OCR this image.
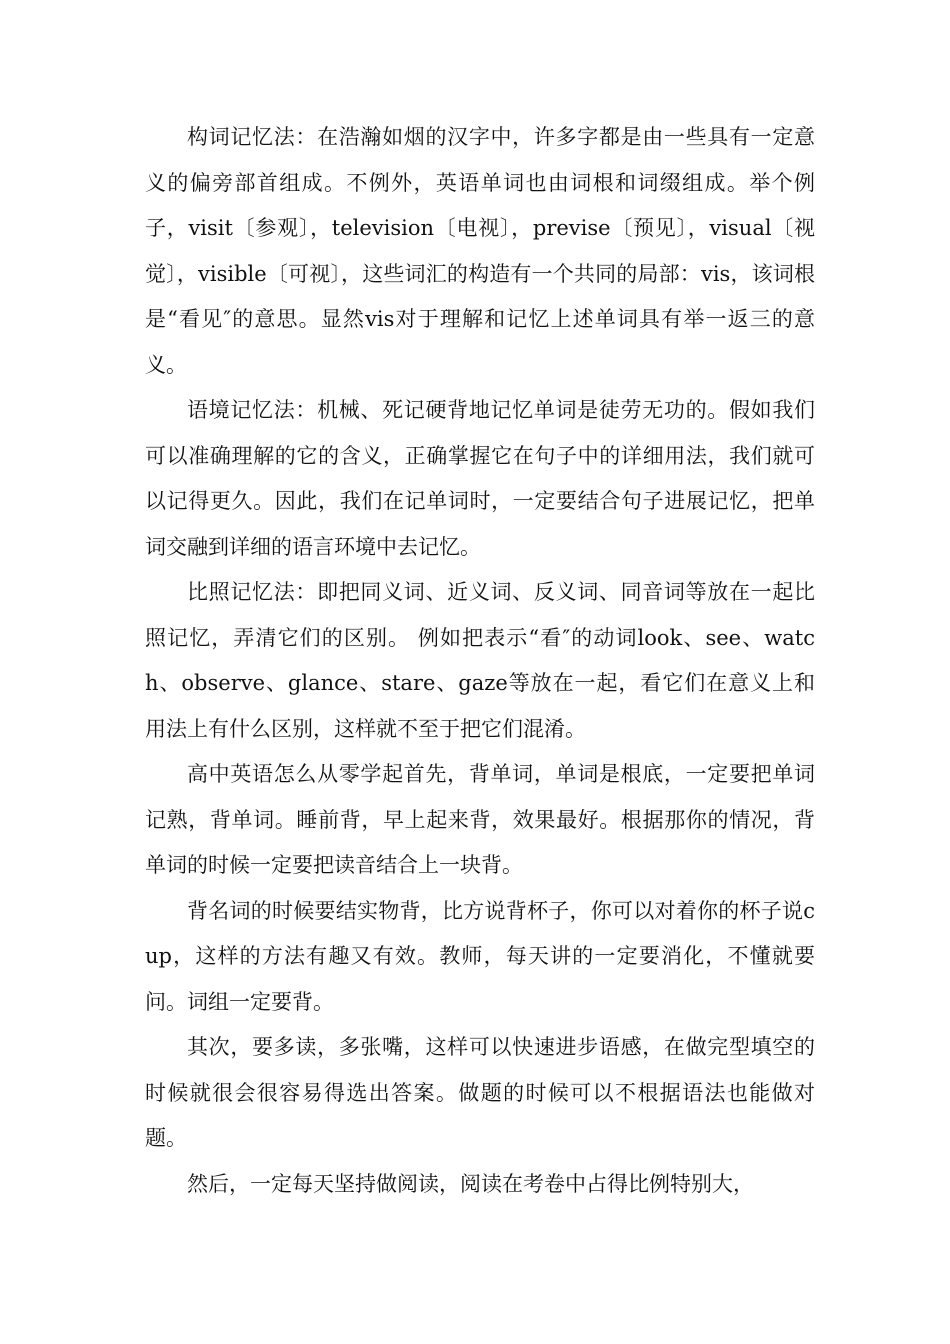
构词记忆法：在浩瀚如烟的汉字中，许多字都是由一些具有一定意义的偏旁部首组成。不例外，英语单词也由词根和词缀组成。举个例子，visit〔参观〕，television〔电视〕，previse〔预见〕，visual〔视觉〕，visible〔可视〕，这些词汇的构造有一个共同的局部：vis，该词根是“看见″的意思。显然vis对于理解和记忆上述单词具有举一返三的意义。

语境记忆法：机械、死记硬背地记忆单词是徒劳无功的。假如我们可以准确理解的它的含义，正确掌握它在句子中的详细用法，我们就可以记得更久。因此，我们在记单词时，一定要结合句子进展记忆，把单词交融到详细的语言环境中去记忆。

比照记忆法：即把同义词、近义词、反义词、同音词等放在一起比照记忆，弄清它们的区别。 例如把表示“看″的动词look、see、watch、observe、glance、stare、gaze等放在一起，看它们在意义上和用法上有什么区别，这样就不至于把它们混淆。

高中英语怎么从零学起首先，背单词，单词是根底，一定要把单词记熟，背单词。睡前背，早上起来背，效果最好。根据那你的情况，背单词的时候一定要把读音结合上一块背。

背名词的时候要结实物背，比方说背杯子，你可以对着你的杯子说cup，这样的方法有趣又有效。教师，每天讲的一定要消化，不懂就要问。词组一定要背。

其次，要多读，多张嘴，这样可以快速进步语感，在做完型填空的时候就很会很容易得选出答案。做题的时候可以不根据语法也能做对题。

然后，一定每天坚持做阅读，阅读在考卷中占得比例特别大，
